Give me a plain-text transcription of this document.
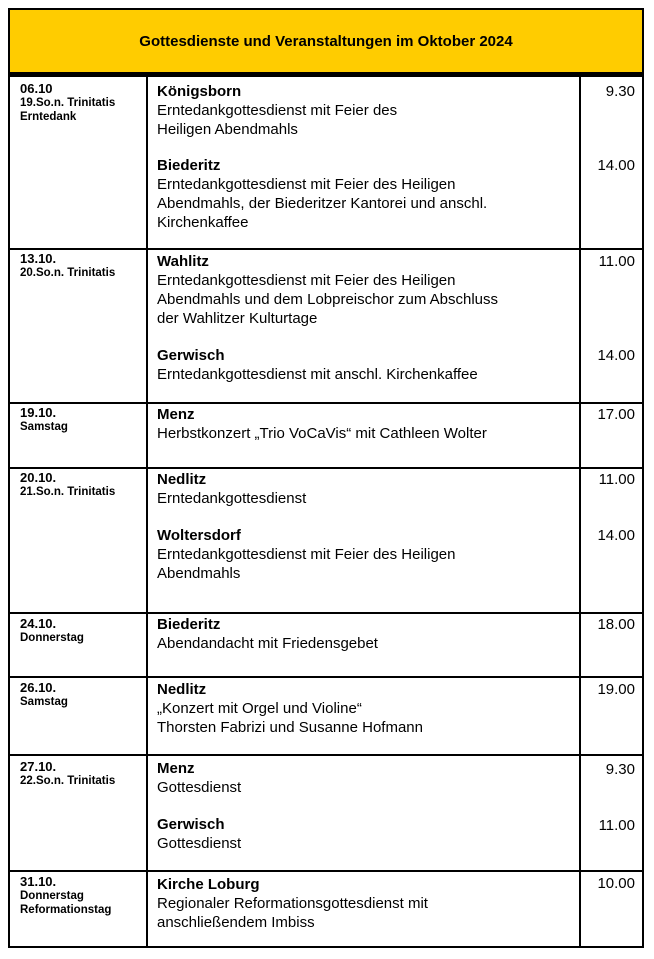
Gottesdienste und Veranstaltungen im Oktober 2024
06.10
19.So.n. Trinitatis
Erntedank
Königsborn
Erntedankgottesdienst mit Feier des
Heiligen Abendmahls
9.30
Biederitz
Erntedankgottesdienst mit Feier des Heiligen
Abendmahls, der Biederitzer Kantorei und anschl.
Kirchenkaffee
14.00
13.10.
20.So.n. Trinitatis
Wahlitz
Erntedankgottesdienst mit Feier des Heiligen
Abendmahls und dem Lobpreischor zum Abschluss
der Wahlitzer Kulturtage
11.00
Gerwisch
Erntedankgottesdienst mit anschl. Kirchenkaffee
14.00
19.10.
Samstag
Menz
Herbstkonzert „Trio VoCaVis“ mit Cathleen Wolter
17.00
20.10.
21.So.n. Trinitatis
Nedlitz
Erntedankgottesdienst
11.00
Woltersdorf
Erntedankgottesdienst mit Feier des Heiligen
Abendmahls
14.00
24.10.
Donnerstag
Biederitz
Abendandacht mit Friedensgebet
18.00
26.10.
Samstag
Nedlitz
„Konzert mit Orgel und Violine“
Thorsten Fabrizi und Susanne Hofmann
19.00
27.10.
22.So.n. Trinitatis
Menz
Gottesdienst
9.30
Gerwisch
Gottesdienst
11.00
31.10.
Donnerstag
Reformationstag
Kirche Loburg
Regionaler Reformationsgottesdienst mit
anschließendem Imbiss
10.00
